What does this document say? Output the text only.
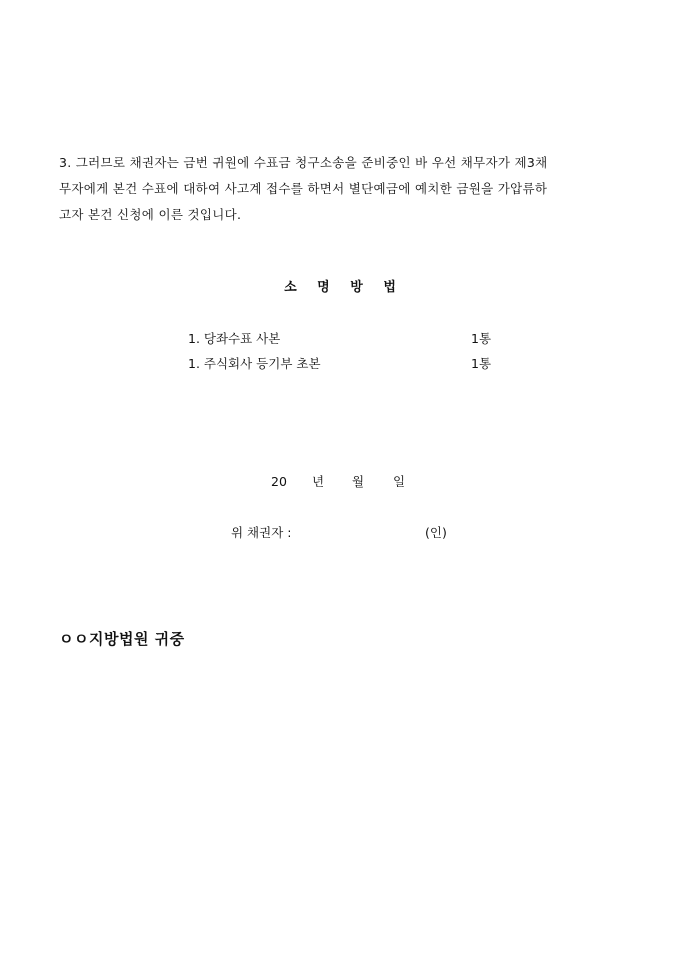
3. 그러므로 채권자는 금번 귀원에 수표금 청구소송을 준비중인 바 우선 채무자가 제3채
무자에게 본건 수표에 대하여 사고계 접수를 하면서 별단예금에 예치한 금원을 가압류하
고자 본건 신청에 이른 것입니다.
소 명 방 법
1. 당좌수표 사본	1통
1. 주식회사 등기부 초본	1통
20 년 월 일
위 채권자 :	(인)
ㅇㅇ지방법원 귀중
